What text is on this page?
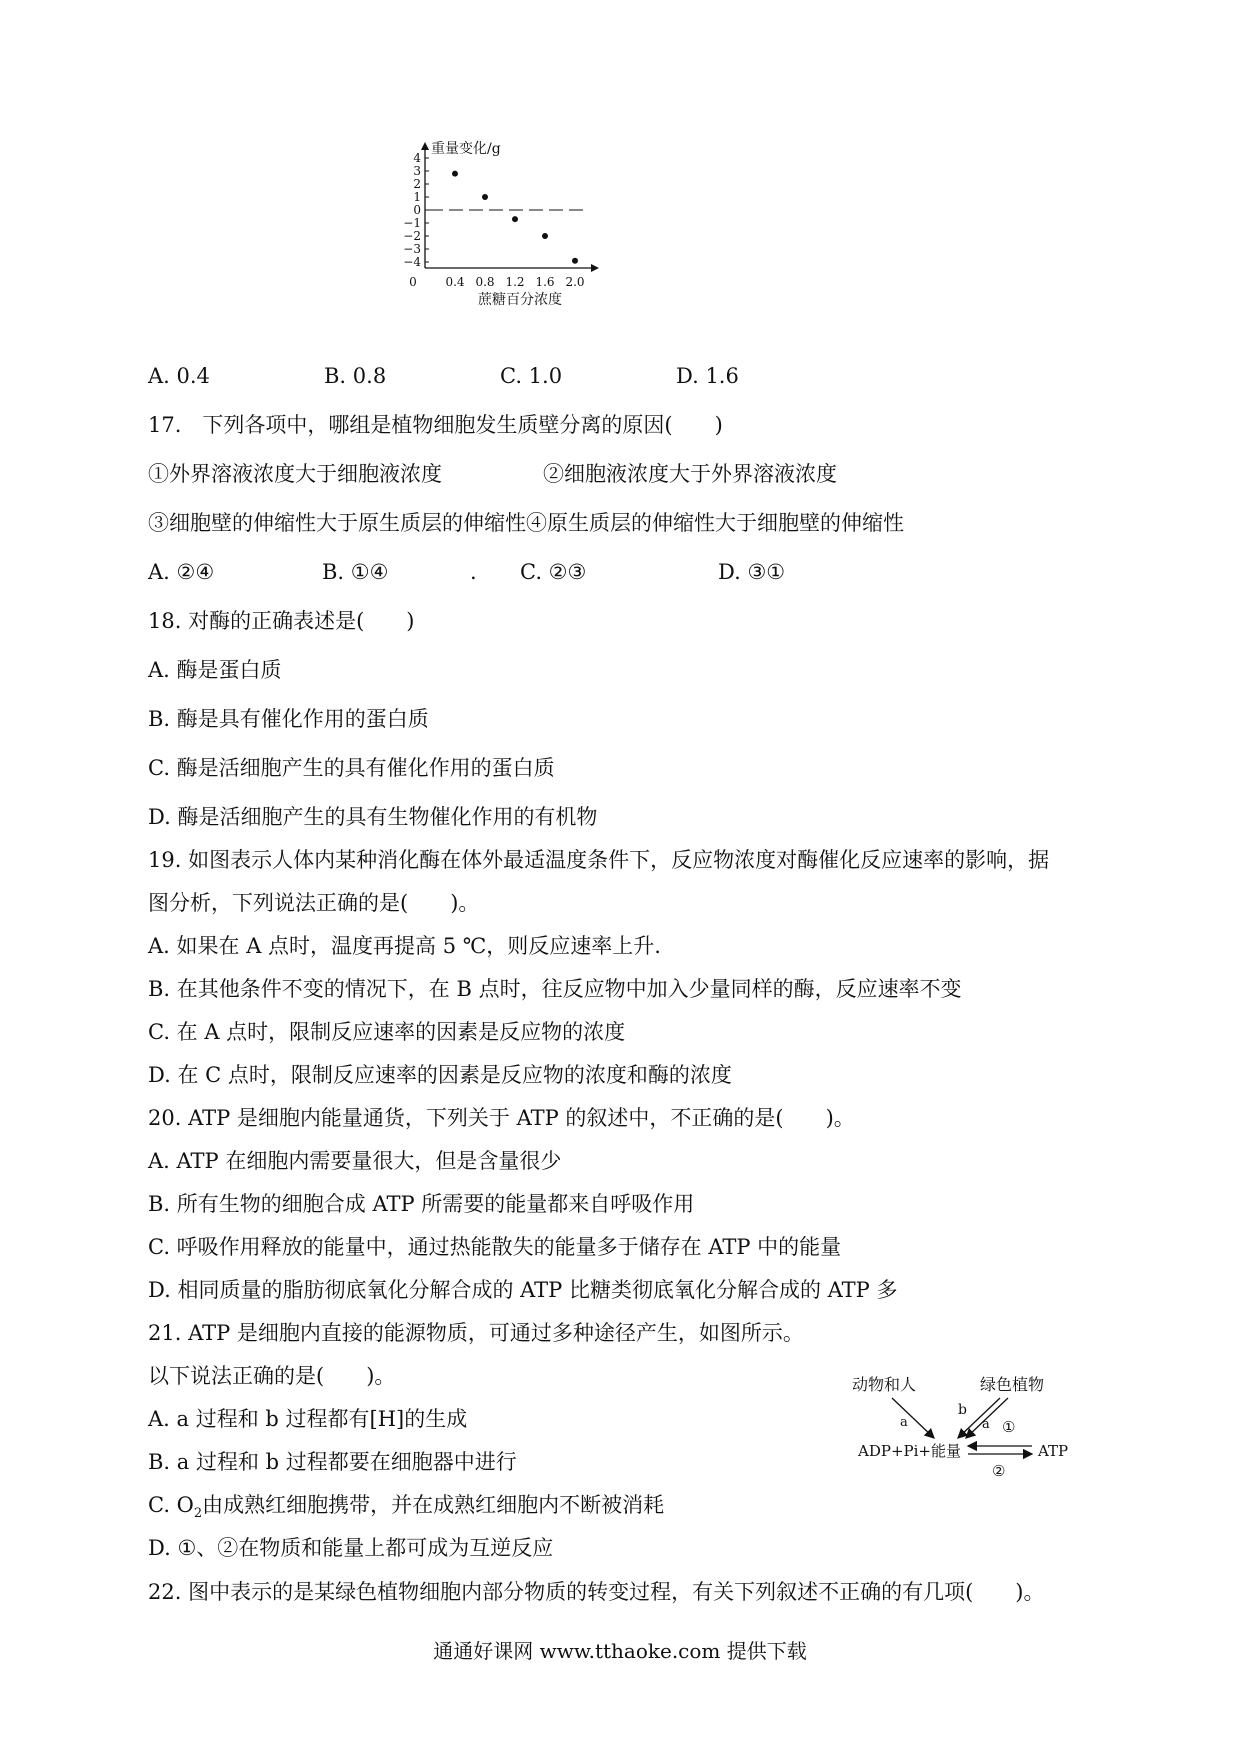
重量变化/g
4
3
2
1
0
−1
−2
−3
−4
0 0.4 0.8 1.2 1.6 2.0
蔗糖百分浓度
A. 0.4	B. 0.8	C. 1.0	D. 1.6
17.　下列各项中，哪组是植物细胞发生质壁分离的原因(　　)
①外界溶液浓度大于细胞液浓度	②细胞液浓度大于外界溶液浓度
③细胞壁的伸缩性大于原生质层的伸缩性④原生质层的伸缩性大于细胞壁的伸缩性
A. ②④	B. ①④	. C. ②③	D. ③①
18. 对酶的正确表述是(　　)
A. 酶是蛋白质
B. 酶是具有催化作用的蛋白质
C. 酶是活细胞产生的具有催化作用的蛋白质
D. 酶是活细胞产生的具有生物催化作用的有机物
19. 如图表示人体内某种消化酶在体外最适温度条件下，反应物浓度对酶催化反应速率的影响，据
图分析，下列说法正确的是(　　)。
A. 如果在 A 点时，温度再提高 5 ℃，则反应速率上升.
B. 在其他条件不变的情况下，在 B 点时，往反应物中加入少量同样的酶，反应速率不变
C. 在 A 点时，限制反应速率的因素是反应物的浓度
D. 在 C 点时，限制反应速率的因素是反应物的浓度和酶的浓度
20. ATP 是细胞内能量通货，下列关于 ATP 的叙述中，不正确的是(　　)。
A. ATP 在细胞内需要量很大，但是含量很少
B. 所有生物的细胞合成 ATP 所需要的能量都来自呼吸作用
C. 呼吸作用释放的能量中，通过热能散失的能量多于储存在 ATP 中的能量
D. 相同质量的脂肪彻底氧化分解合成的 ATP 比糖类彻底氧化分解合成的 ATP 多
21. ATP 是细胞内直接的能源物质，可通过多种途径产生，如图所示。
以下说法正确的是(　　)。
A. a 过程和 b 过程都有[H]的生成
B. a 过程和 b 过程都要在细胞器中进行
C. $O_2$由成熟红细胞携带，并在成熟红细胞内不断被消耗
D. ①、②在物质和能量上都可成为互逆反应
动物和人	绿色植物
a
b
a ①
ADP+Pi+能量	ATP
②
22. 图中表示的是某绿色植物细胞内部分物质的转变过程，有关下列叙述不正确的有几项(　　)。
通通好课网 www.tthaoke.com 提供下载
